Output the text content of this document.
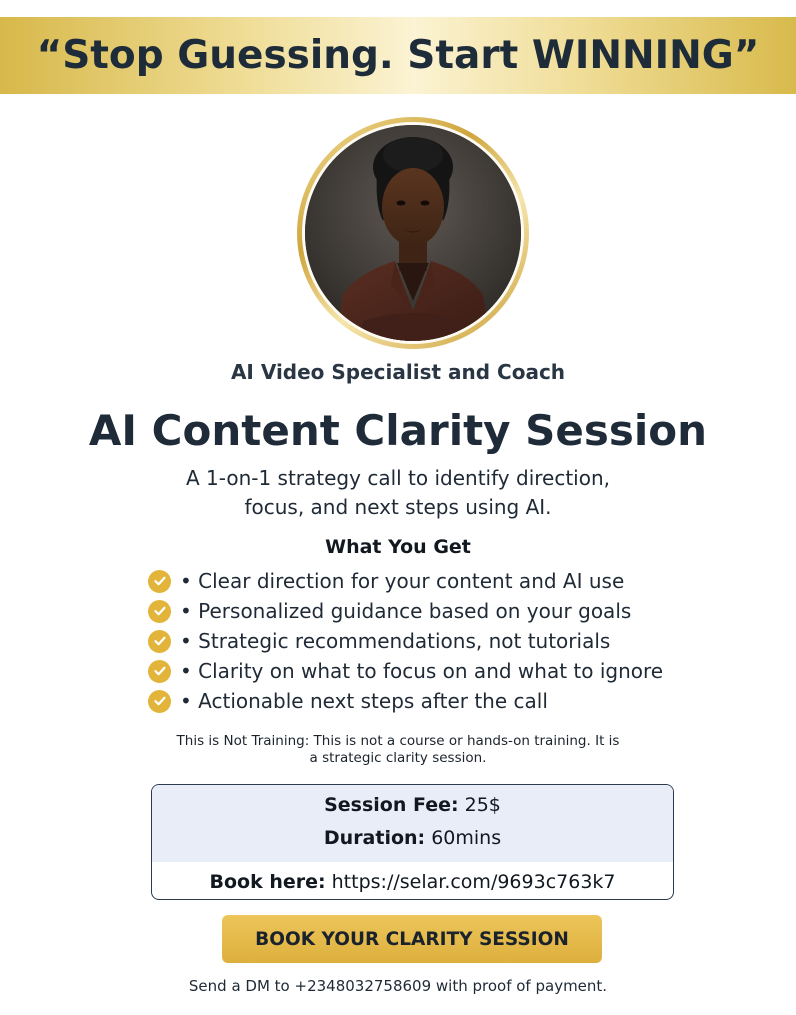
“Stop Guessing. Start WINNING”
AI Video Specialist and Coach
AI Content Clarity Session
A 1-on-1 strategy call to identify direction,
focus, and next steps using AI.
What You Get
• Clear direction for your content and AI use
• Personalized guidance based on your goals
• Strategic recommendations, not tutorials
• Clarity on what to focus on and what to ignore
• Actionable next steps after the call
This is Not Training: This is not a course or hands-on training. It is
a strategic clarity session.
Session Fee: 25$
Duration: 60mins
Book here: https://selar.com/9693c763k7
BOOK YOUR CLARITY SESSION
Send a DM to +2348032758609 with proof of payment.
